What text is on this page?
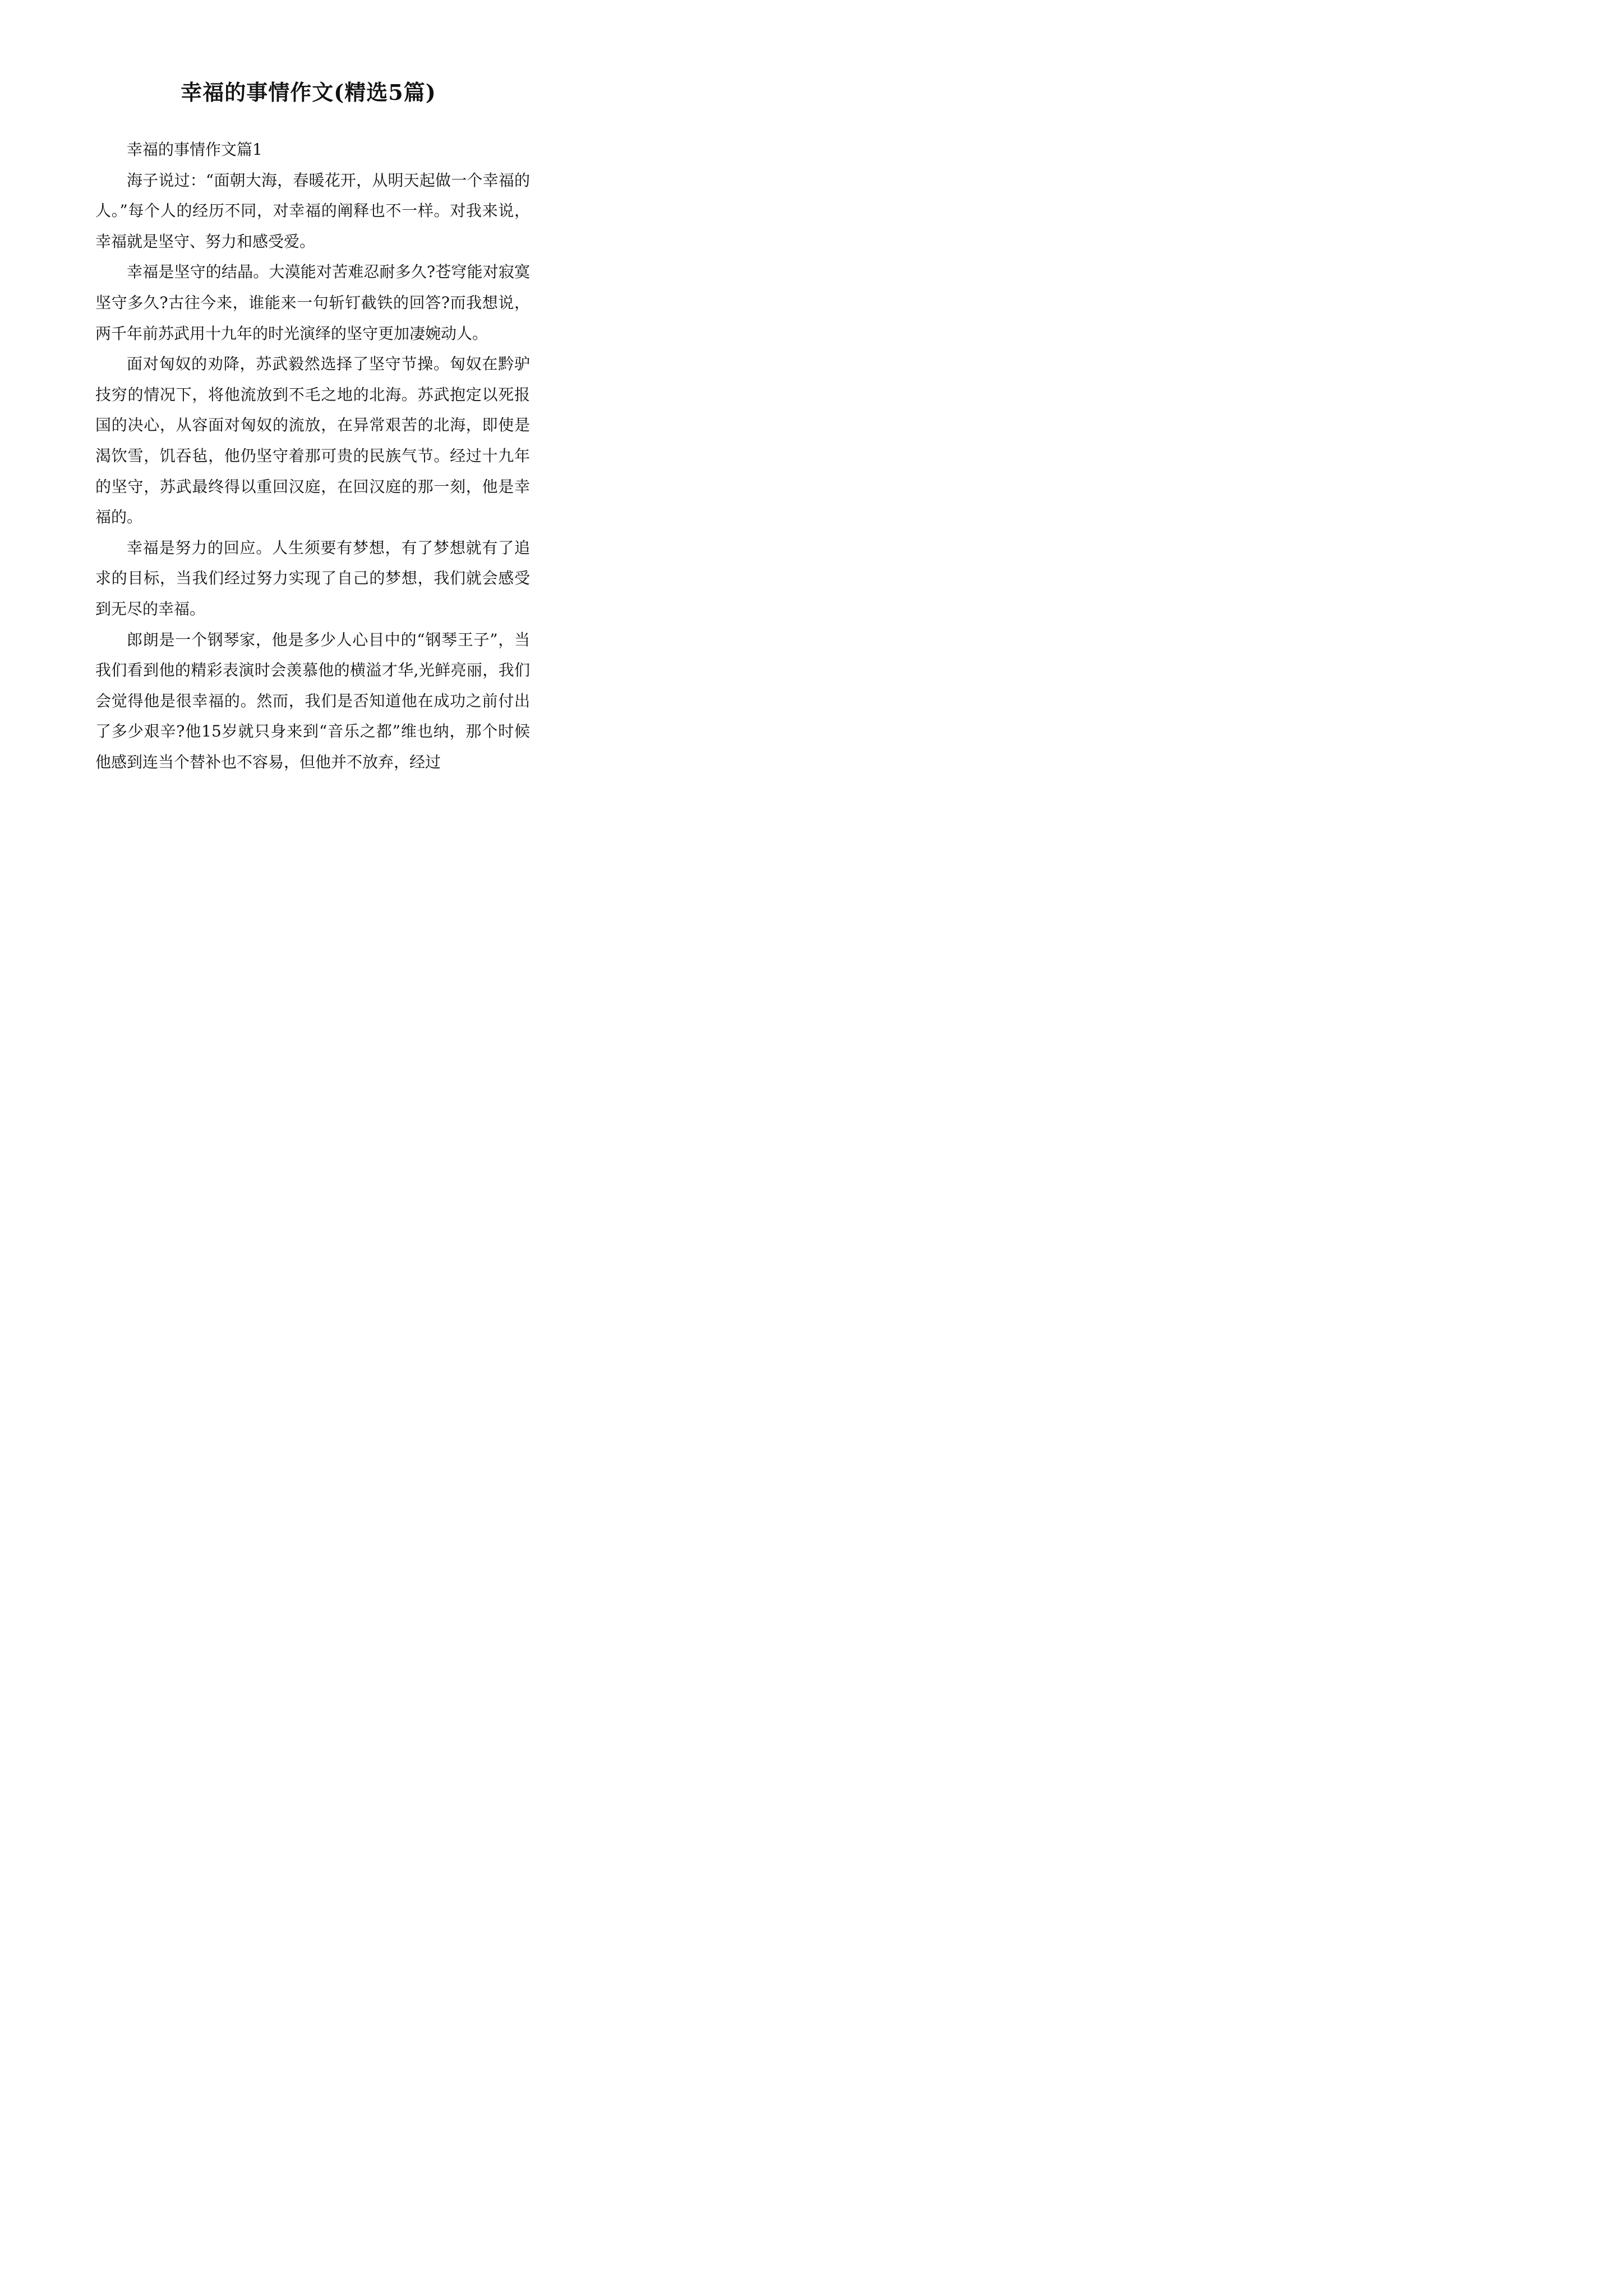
幸福的事情作文(精选5篇)

幸福的事情作文篇1

海子说过：“面朝大海，春暖花开，从明天起做一个幸福的人。”每个人的经历不同，对幸福的阐释也不一样。对我来说，幸福就是坚守、努力和感受爱。

幸福是坚守的结晶。大漠能对苦难忍耐多久?苍穹能对寂寞坚守多久?古往今来，谁能来一句斩钉截铁的回答?而我想说，两千年前苏武用十九年的时光演绎的坚守更加凄婉动人。

面对匈奴的劝降，苏武毅然选择了坚守节操。匈奴在黔驴技穷的情况下，将他流放到不毛之地的北海。苏武抱定以死报国的决心，从容面对匈奴的流放，在异常艰苦的北海，即使是渴饮雪，饥吞毡，他仍坚守着那可贵的民族气节。经过十九年的坚守，苏武最终得以重回汉庭，在回汉庭的那一刻，他是幸福的。

幸福是努力的回应。人生须要有梦想，有了梦想就有了追求的目标，当我们经过努力实现了自己的梦想，我们就会感受到无尽的幸福。

郎朗是一个钢琴家，他是多少人心目中的“钢琴王子”，当我们看到他的精彩表演时会羡慕他的横溢才华,光鲜亮丽，我们会觉得他是很幸福的。然而，我们是否知道他在成功之前付出了多少艰辛?他15岁就只身来到“音乐之都”维也纳，那个时候他感到连当个替补也不容易，但他并不放弃，经过
